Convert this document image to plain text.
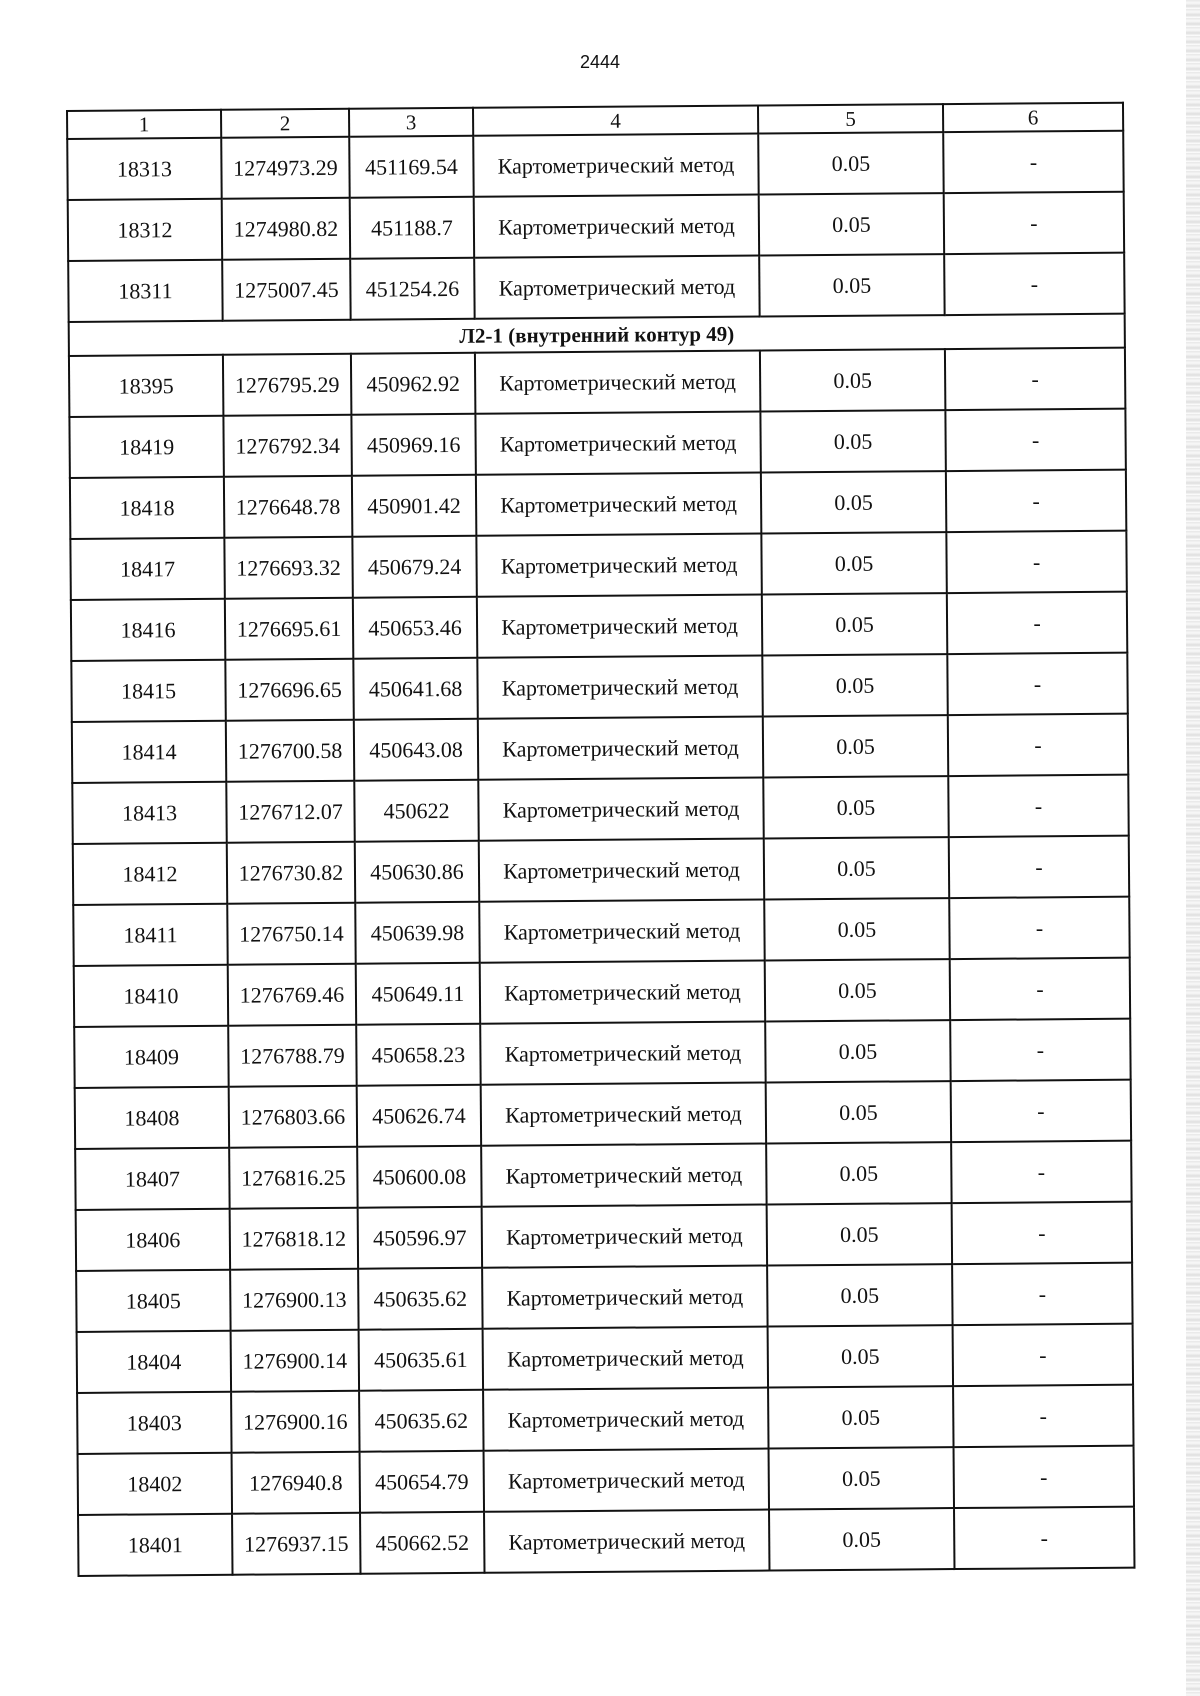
2444
1	2	3	4	5	6
18313	1274973.29	451169.54	Картометрический метод	0.05	-
18312	1274980.82	451188.7	Картометрический метод	0.05	-
18311	1275007.45	451254.26	Картометрический метод	0.05	-
Л2-1 (внутренний контур 49)					
18395	1276795.29	450962.92	Картометрический метод	0.05	-
18419	1276792.34	450969.16	Картометрический метод	0.05	-
18418	1276648.78	450901.42	Картометрический метод	0.05	-
18417	1276693.32	450679.24	Картометрический метод	0.05	-
18416	1276695.61	450653.46	Картометрический метод	0.05	-
18415	1276696.65	450641.68	Картометрический метод	0.05	-
18414	1276700.58	450643.08	Картометрический метод	0.05	-
18413	1276712.07	450622	Картометрический метод	0.05	-
18412	1276730.82	450630.86	Картометрический метод	0.05	-
18411	1276750.14	450639.98	Картометрический метод	0.05	-
18410	1276769.46	450649.11	Картометрический метод	0.05	-
18409	1276788.79	450658.23	Картометрический метод	0.05	-
18408	1276803.66	450626.74	Картометрический метод	0.05	-
18407	1276816.25	450600.08	Картометрический метод	0.05	-
18406	1276818.12	450596.97	Картометрический метод	0.05	-
18405	1276900.13	450635.62	Картометрический метод	0.05	-
18404	1276900.14	450635.61	Картометрический метод	0.05	-
18403	1276900.16	450635.62	Картометрический метод	0.05	-
18402	1276940.8	450654.79	Картометрический метод	0.05	-
18401	1276937.15	450662.52	Картометрический метод	0.05	-
